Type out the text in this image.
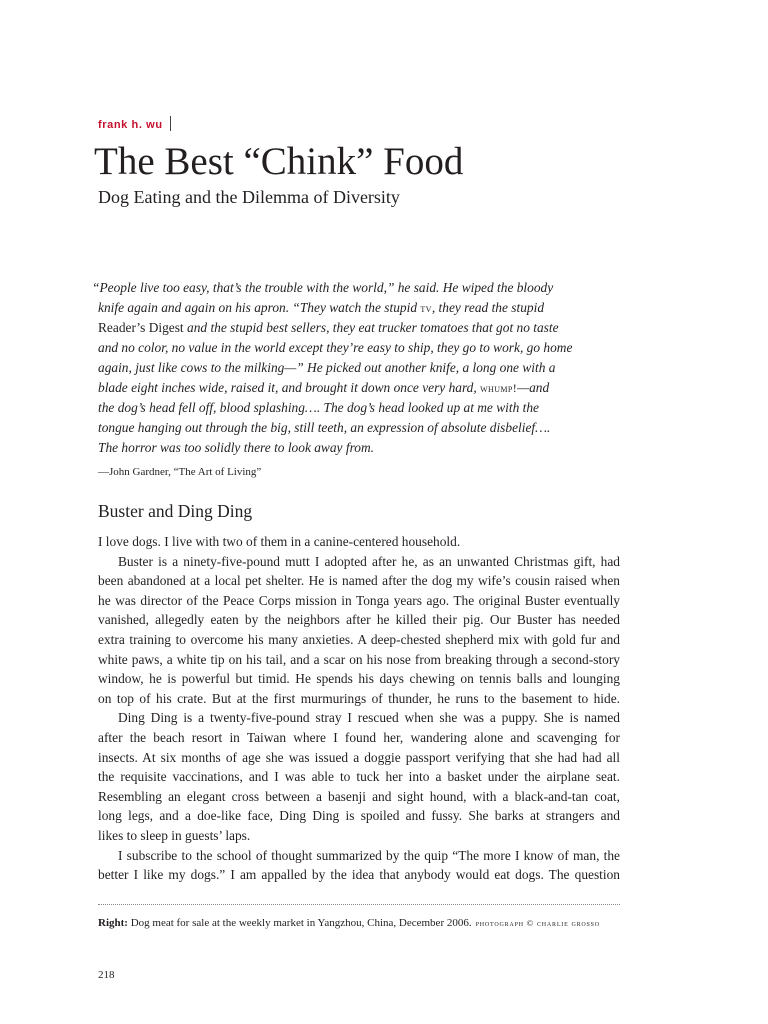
frank h. wu
The Best “Chink” Food
Dog Eating and the Dilemma of Diversity
“People live too easy, that’s the trouble with the world,” he said. He wiped the bloody
knife again and again on his apron. “They watch the stupid tv, they read the stupid
Reader’s Digest and the stupid best sellers, they eat trucker tomatoes that got no taste
and no color, no value in the world except they’re easy to ship, they go to work, go home
again, just like cows to the milking—” He picked out another knife, a long one with a
blade eight inches wide, raised it, and brought it down once very hard, whump!—and
the dog’s head fell off, blood splashing…. The dog’s head looked up at me with the
tongue hanging out through the big, still teeth, an expression of absolute disbelief….
The horror was too solidly there to look away from.
—John Gardner, “The Art of Living”
Buster and Ding Ding
I love dogs. I live with two of them in a canine-centered household.
Buster is a ninety-five-pound mutt I adopted after he, as an unwanted Christmas gift, had
been abandoned at a local pet shelter. He is named after the dog my wife’s cousin raised when
he was director of the Peace Corps mission in Tonga years ago. The original Buster eventually
vanished, allegedly eaten by the neighbors after he killed their pig. Our Buster has needed
extra training to overcome his many anxieties. A deep-chested shepherd mix with gold fur and
white paws, a white tip on his tail, and a scar on his nose from breaking through a second-story
window, he is powerful but timid. He spends his days chewing on tennis balls and lounging
on top of his crate. But at the first murmurings of thunder, he runs to the basement to hide.
Ding Ding is a twenty-five-pound stray I rescued when she was a puppy. She is named
after the beach resort in Taiwan where I found her, wandering alone and scavenging for
insects. At six months of age she was issued a doggie passport verifying that she had had all
the requisite vaccinations, and I was able to tuck her into a basket under the airplane seat.
Resembling an elegant cross between a basenji and sight hound, with a black-and-tan coat,
long legs, and a doe-like face, Ding Ding is spoiled and fussy. She barks at strangers and
likes to sleep in guests’ laps.
I subscribe to the school of thought summarized by the quip “The more I know of man, the
better I like my dogs.” I am appalled by the idea that anybody would eat dogs. The question
Right: Dog meat for sale at the weekly market in Yangzhou, China, December 2006. photograph © charlie grosso
218
